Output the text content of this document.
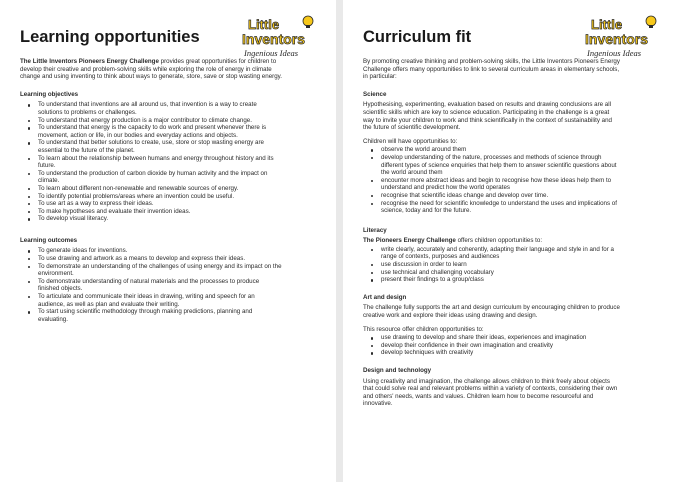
Learning opportunities
Little
Inventors
Ingenious Ideas

The Little Inventors Pioneers Energy Challenge provides great opportunities for children to develop their creative and problem-solving skills while exploring the role of energy in climate change and using inventing to think about ways to generate, store, save or stop wasting energy.

Learning objectives
To understand that inventions are all around us, that invention is a way to create solutions to problems or challenges.
To understand that energy production is a major contributor to climate change.
To understand that energy is the capacity to do work and present whenever there is movement, action or life, in our bodies and everyday actions and objects.
To understand that better solutions to create, use, store or stop wasting energy are essential to the future of the planet.
To learn about the relationship between humans and energy throughout history and its future.
To understand the production of carbon dioxide by human activity and the impact on climate.
To learn about different non-renewable and renewable sources of energy.
To identify potential problems/areas where an invention could be useful.
To use art as a way to express their ideas.
To make hypotheses and evaluate their invention ideas.
To develop visual literacy.
Learning outcomes
To generate ideas for inventions.
To use drawing and artwork as a means to develop and express their ideas.
To demonstrate an understanding of the challenges of using energy and its impact on the environment.
To demonstrate understanding of natural materials and the processes to produce finished objects.
To articulate and communicate their ideas in drawing, writing and speech for an audience, as well as plan and evaluate their writing.
To start using scientific methodology through making predictions, planning and evaluating.
Curriculum fit
Little
Inventors
Ingenious Ideas

By promoting creative thinking and problem-solving skills, the Little Inventors Pioneers Energy Challenge offers many opportunities to link to several curriculum areas in elementary schools, in particular:

Science

Hypothesising, experimenting, evaluation based on results and drawing conclusions are all scientific skills which are key to science education. Participating in the challenge is a great way to invite your children to work and think scientifically in the context of sustainability and the future of scientific development.

Children will have opportunities to:

observe the world around them
develop understanding of the nature, processes and methods of science through different types of science enquiries that help them to answer scientific questions about the world around them
encounter more abstract ideas and begin to recognise how these ideas help them to understand and predict how the world operates
recognise that scientific ideas change and develop over time.
recognise the need for scientific knowledge to understand the uses and implications of science, today and for the future.
Literacy

The Pioneers Energy Challenge offers children opportunities to:

write clearly, accurately and coherently, adapting their language and style in and for a range of contexts, purposes and audiences
use discussion in order to learn
use technical and challenging vocabulary
present their findings to a group/class
Art and design

The challenge fully supports the art and design curriculum by encouraging children to produce creative work and explore their ideas using drawing and design.

This resource offer children opportunities to:

use drawing to develop and share their ideas, experiences and imagination
develop their confidence in their own imagination and creativity
develop techniques with creativity
Design and technology

Using creativity and imagination, the challenge allows children to think freely about objects that could solve real and relevant problems within a variety of contexts, considering their own and others' needs, wants and values. Children learn how to become resourceful and innovative.
